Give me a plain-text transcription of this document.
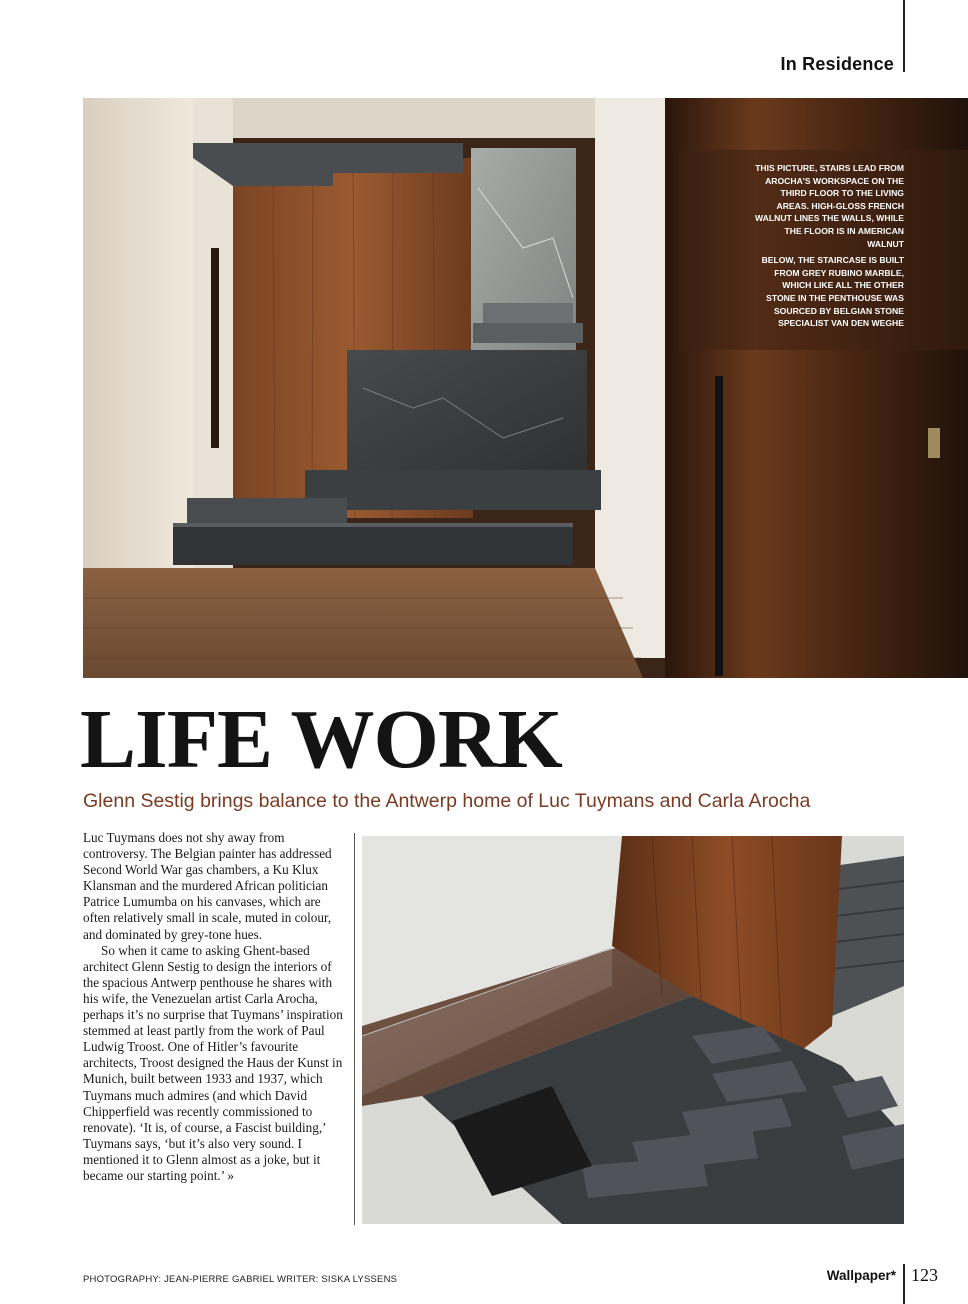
In Residence

THIS PICTURE, STAIRS LEAD FROM AROCHA'S WORKSPACE ON THE THIRD FLOOR TO THE LIVING AREAS. HIGH-GLOSS FRENCH WALNUT LINES THE WALLS, WHILE THE FLOOR IS IN AMERICAN WALNUT

BELOW, THE STAIRCASE IS BUILT FROM GREY RUBINO MARBLE, WHICH LIKE ALL THE OTHER STONE IN THE PENTHOUSE WAS SOURCED BY BELGIAN STONE SPECIALIST VAN DEN WEGHE

LIFE WORK

Glenn Sestig brings balance to the Antwerp home of Luc Tuymans and Carla Arocha

Luc Tuymans does not shy away from controversy. The Belgian painter has addressed Second World War gas chambers, a Ku Klux Klansman and the murdered African politician Patrice Lumumba on his canvases, which are often relatively small in scale, muted in colour, and dominated by grey-tone hues.

So when it came to asking Ghent-based architect Glenn Sestig to design the interiors of the spacious Antwerp penthouse he shares with his wife, the Venezuelan artist Carla Arocha, perhaps it’s no surprise that Tuymans’ inspiration stemmed at least partly from the work of Paul Ludwig Troost. One of Hitler’s favourite architects, Troost designed the Haus der Kunst in Munich, built between 1933 and 1937, which Tuymans much admires (and which David Chipperfield was recently commissioned to renovate). ‘It is, of course, a Fascist building,’ Tuymans says, ‘but it’s also very sound. I mentioned it to Glenn almost as a joke, but it became our starting point.’ »

PHOTOGRAPHY: JEAN-PIERRE GABRIEL WRITER: SISKA LYSSENS	Wallpaper* 123
